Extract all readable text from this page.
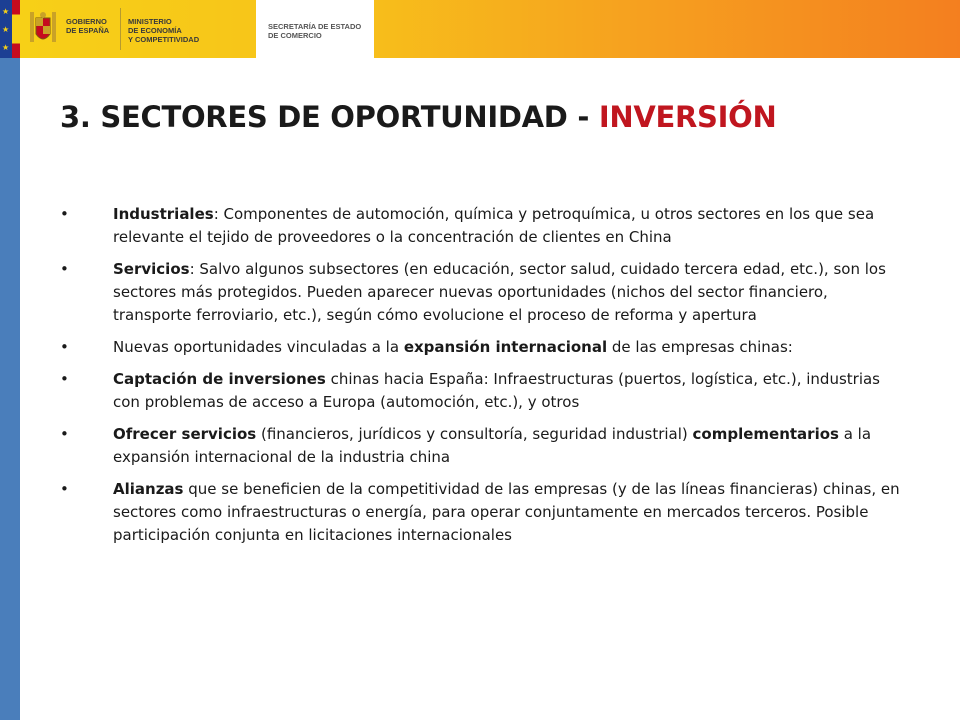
★
★
★
GOBIERNO
DE ESPAÑA
MINISTERIO
DE ECONOMÍA
Y COMPETITIVIDAD
SECRETARÍA DE ESTADO
DE COMERCIO
3. SECTORES DE OPORTUNIDAD - INVERSIÓN
•	Industriales: Componentes de automoción, química y petroquímica, u otros sectores en los que sea relevante el tejido de proveedores o la concentración de clientes en China
•	Servicios: Salvo algunos subsectores (en educación, sector salud, cuidado tercera edad, etc.), son los sectores más protegidos. Pueden aparecer nuevas oportunidades (nichos del sector financiero, transporte ferroviario, etc.), según cómo evolucione el proceso de reforma y apertura
•	Nuevas oportunidades vinculadas a la expansión internacional de las empresas chinas:
•	Captación de inversiones chinas hacia España: Infraestructuras (puertos, logística, etc.), industrias con problemas de acceso a Europa (automoción, etc.), y otros
•	Ofrecer servicios (financieros, jurídicos y consultoría, seguridad industrial) complementarios a la expansión internacional de la industria china
•	Alianzas que se beneficien de la competitividad de las empresas (y de las líneas financieras) chinas, en sectores como infraestructuras o energía, para operar conjuntamente en mercados terceros. Posible participación conjunta en licitaciones internacionales
